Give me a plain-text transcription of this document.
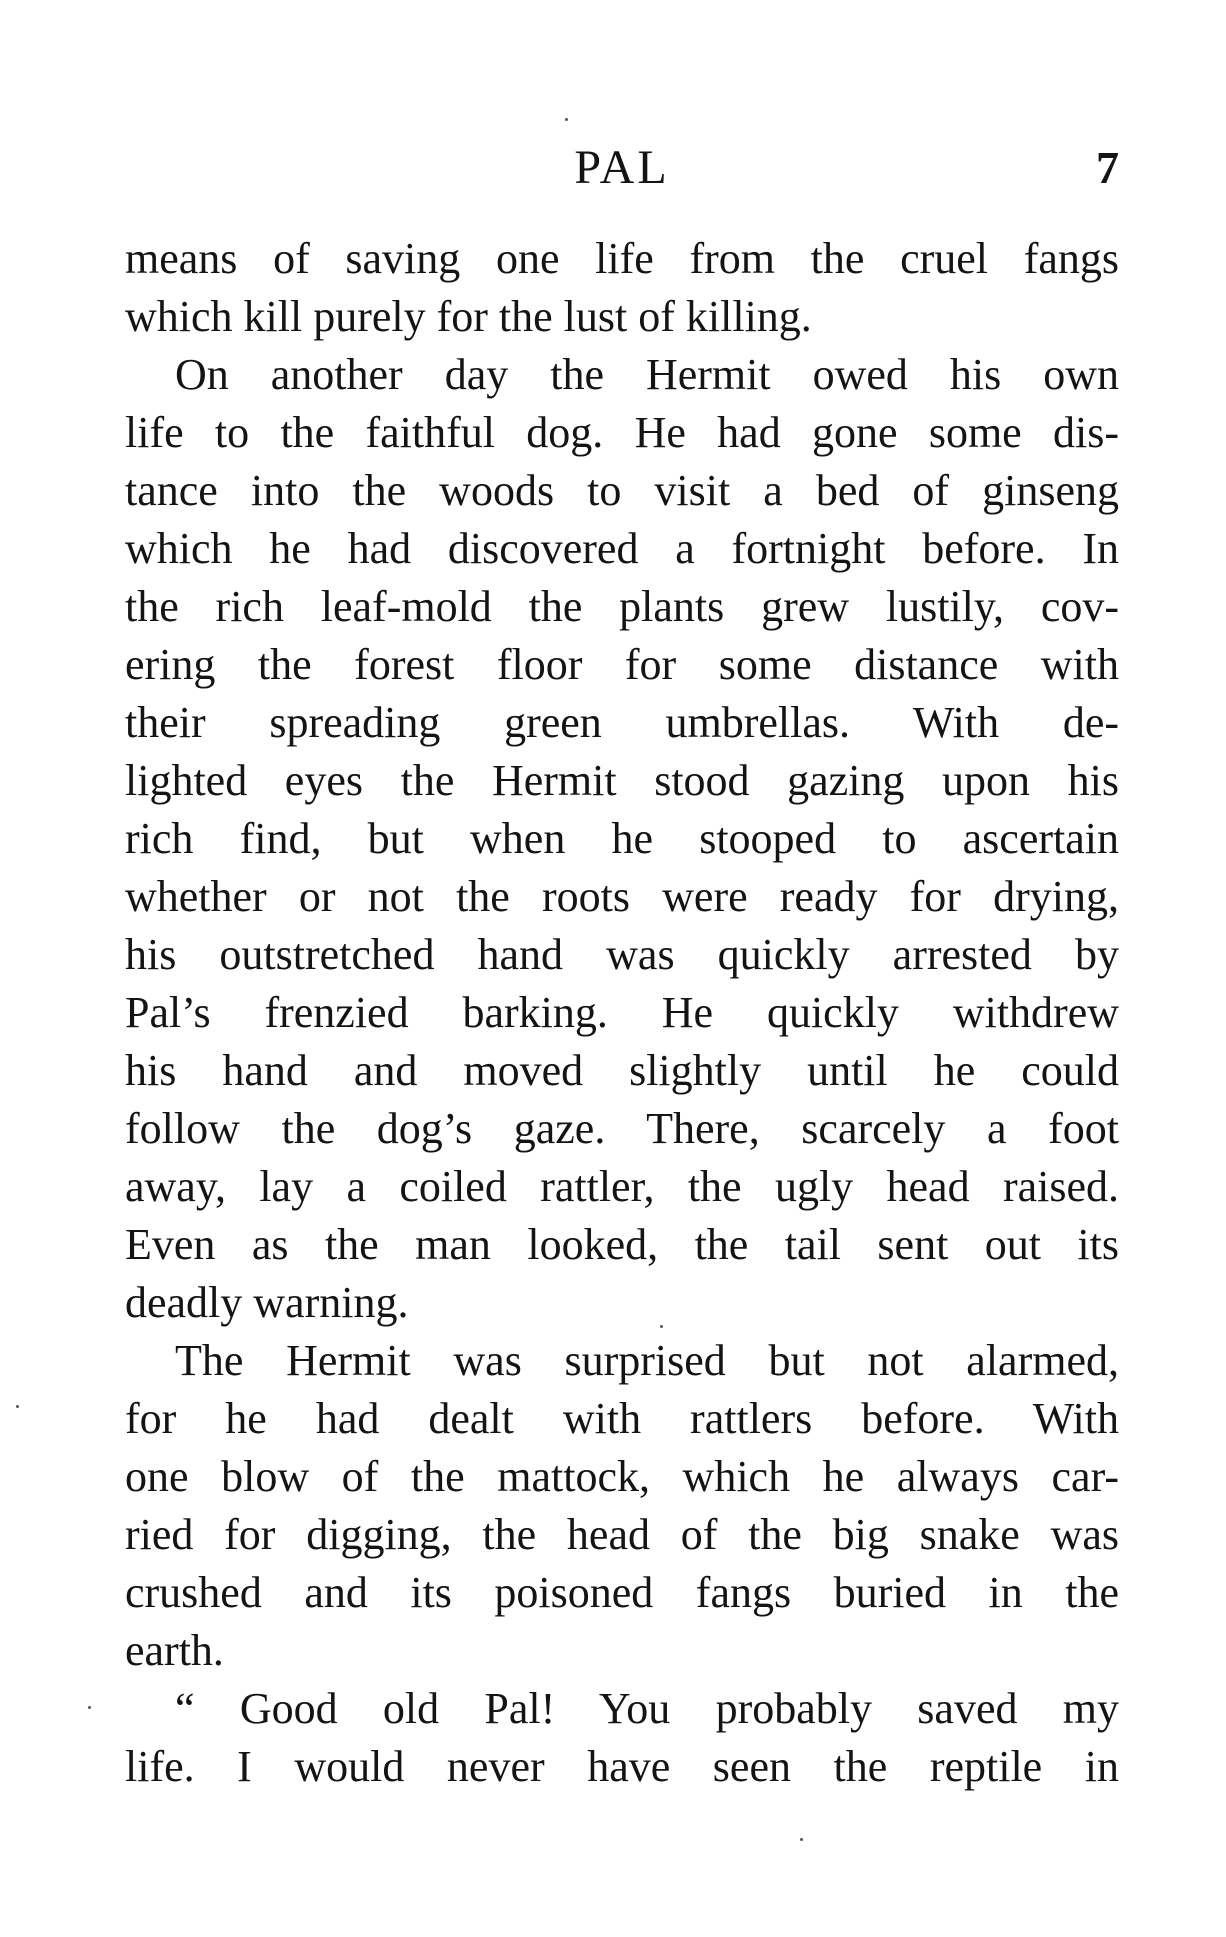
PAL	7
means of saving one life from the cruel fangs
which kill purely for the lust of killing.
On another day the Hermit owed his own
life to the faithful dog. He had gone some dis-
tance into the woods to visit a bed of ginseng
which he had discovered a fortnight before. In
the rich leaf-mold the plants grew lustily, cov-
ering the forest floor for some distance with
their spreading green umbrellas. With de-
lighted eyes the Hermit stood gazing upon his
rich find, but when he stooped to ascertain
whether or not the roots were ready for drying,
his outstretched hand was quickly arrested by
Pal’s frenzied barking. He quickly withdrew
his hand and moved slightly until he could
follow the dog’s gaze. There, scarcely a foot
away, lay a coiled rattler, the ugly head raised.
Even as the man looked, the tail sent out its
deadly warning.
The Hermit was surprised but not alarmed,
for he had dealt with rattlers before. With
one blow of the mattock, which he always car-
ried for digging, the head of the big snake was
crushed and its poisoned fangs buried in the
earth.
“ Good old Pal! You probably saved my
life. I would never have seen the reptile in
